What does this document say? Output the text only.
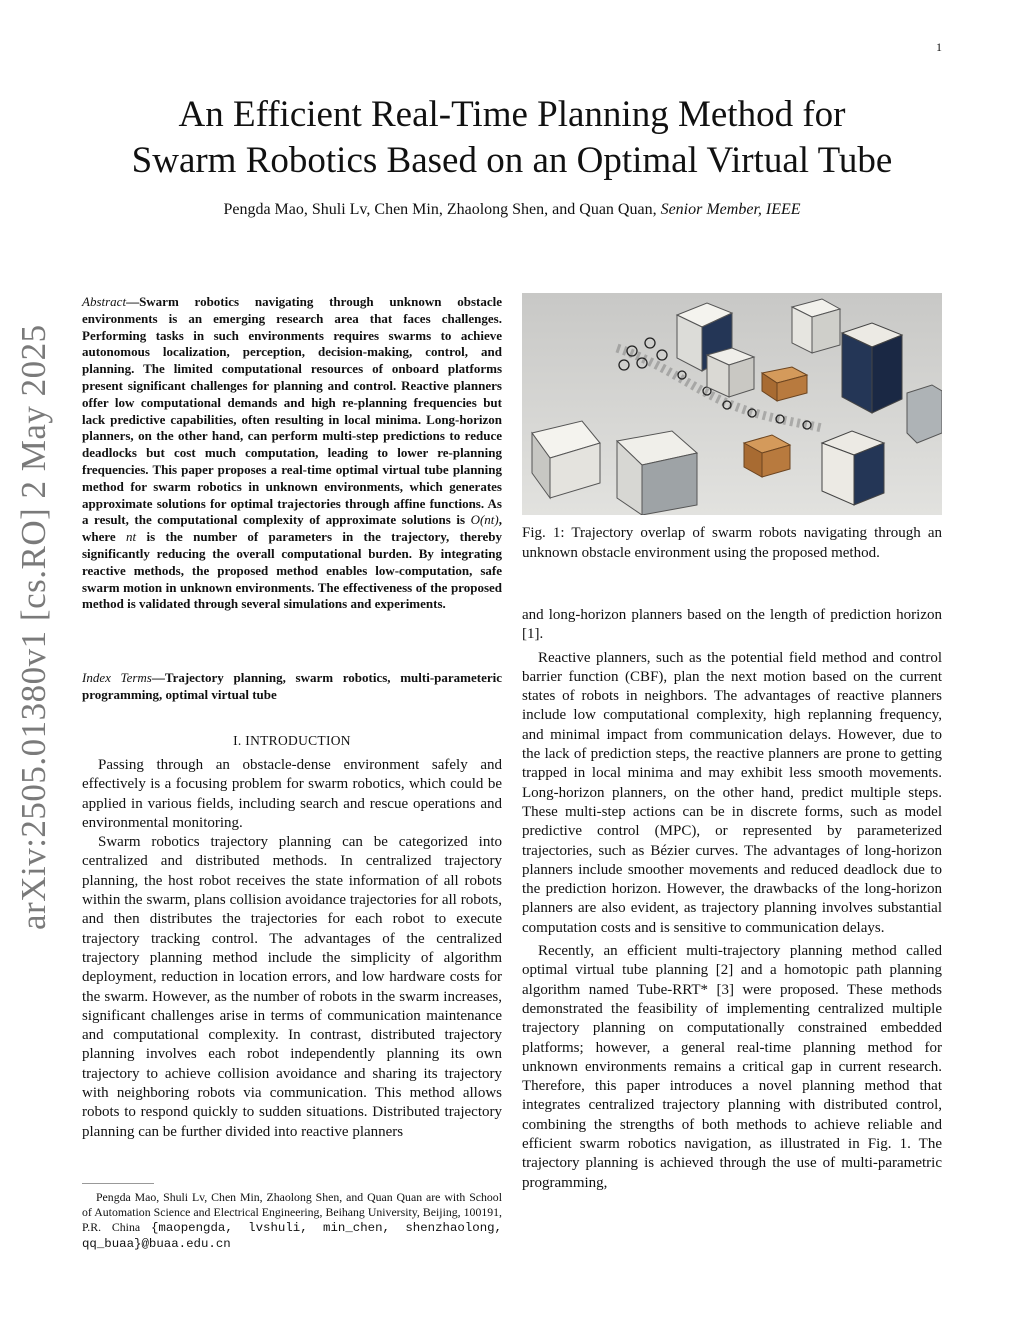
1
arXiv:2505.01380v1 [cs.RO] 2 May 2025
An Efficient Real-Time Planning Method for
Swarm Robotics Based on an Optimal Virtual Tube
Pengda Mao, Shuli Lv, Chen Min, Zhaolong Shen, and Quan Quan, Senior Member, IEEE
Abstract—Swarm robotics navigating through unknown obstacle environments is an emerging research area that faces challenges. Performing tasks in such environments requires swarms to achieve autonomous localization, perception, decision-making, control, and planning. The limited computational resources of onboard platforms present significant challenges for planning and control. Reactive planners offer low computational demands and high re-planning frequencies but lack predictive capabilities, often resulting in local minima. Long-horizon planners, on the other hand, can perform multi-step predictions to reduce deadlocks but cost much computation, leading to lower re-planning frequencies. This paper proposes a real-time optimal virtual tube planning method for swarm robotics in unknown environments, which generates approximate solutions for optimal trajectories through affine functions. As a result, the computational complexity of approximate solutions is O(nt), where nt is the number of parameters in the trajectory, thereby significantly reducing the overall computational burden. By integrating reactive methods, the proposed method enables low-computation, safe swarm motion in unknown environments. The effectiveness of the proposed method is validated through several simulations and experiments.
Index Terms—Trajectory planning, swarm robotics, multi-parameteric programming, optimal virtual tube
I. INTRODUCTION

Passing through an obstacle-dense environment safely and effectively is a focusing problem for swarm robotics, which could be applied in various fields, including search and rescue operations and environmental monitoring.

Swarm robotics trajectory planning can be categorized into centralized and distributed methods. In centralized trajectory planning, the host robot receives the state information of all robots within the swarm, plans collision avoidance trajectories for all robots, and then distributes the trajectories for each robot to execute trajectory tracking control. The advantages of the centralized trajectory planning method include the simplicity of algorithm deployment, reduction in location errors, and low hardware costs for the swarm. However, as the number of robots in the swarm increases, significant challenges arise in terms of communication maintenance and computational complexity. In contrast, distributed trajectory planning involves each robot independently planning its own trajectory to achieve collision avoidance and sharing its trajectory with neighboring robots via communication. This method allows robots to respond quickly to sudden situations. Distributed trajectory planning can be further divided into reactive planners

Pengda Mao, Shuli Lv, Chen Min, Zhaolong Shen, and Quan Quan are with School of Automation Science and Electrical Engineering, Beihang University, Beijing, 100191, P.R. China {maopengda, lvshuli, min_chen, shenzhaolong, qq_buaa}@buaa.edu.cn

Fig. 1: Trajectory overlap of swarm robots navigating through an unknown obstacle environment using the proposed method.

and long-horizon planners based on the length of prediction horizon [1].

Reactive planners, such as the potential field method and control barrier function (CBF), plan the next motion based on the current states of robots in neighbors. The advantages of reactive planners include low computational complexity, high replanning frequency, and minimal impact from communication delays. However, due to the lack of prediction steps, the reactive planners are prone to getting trapped in local minima and may exhibit less smooth movements. Long-horizon planners, on the other hand, predict multiple steps. These multi-step actions can be in discrete forms, such as model predictive control (MPC), or represented by parameterized trajectories, such as Bézier curves. The advantages of long-horizon planners include smoother movements and reduced deadlock due to the prediction horizon. However, the drawbacks of the long-horizon planners are also evident, as trajectory planning involves substantial computation costs and is sensitive to communication delays.

Recently, an efficient multi-trajectory planning method called optimal virtual tube planning [2] and a homotopic path planning algorithm named Tube-RRT* [3] were proposed. These methods demonstrated the feasibility of implementing centralized multiple trajectory planning on computationally constrained embedded platforms; however, a general real-time planning method for unknown environments remains a critical gap in current research. Therefore, this paper introduces a novel planning method that integrates centralized trajectory planning with distributed control, combining the strengths of both methods to achieve reliable and efficient swarm robotics navigation, as illustrated in Fig. 1. The trajectory planning is achieved through the use of multi-parametric programming,
